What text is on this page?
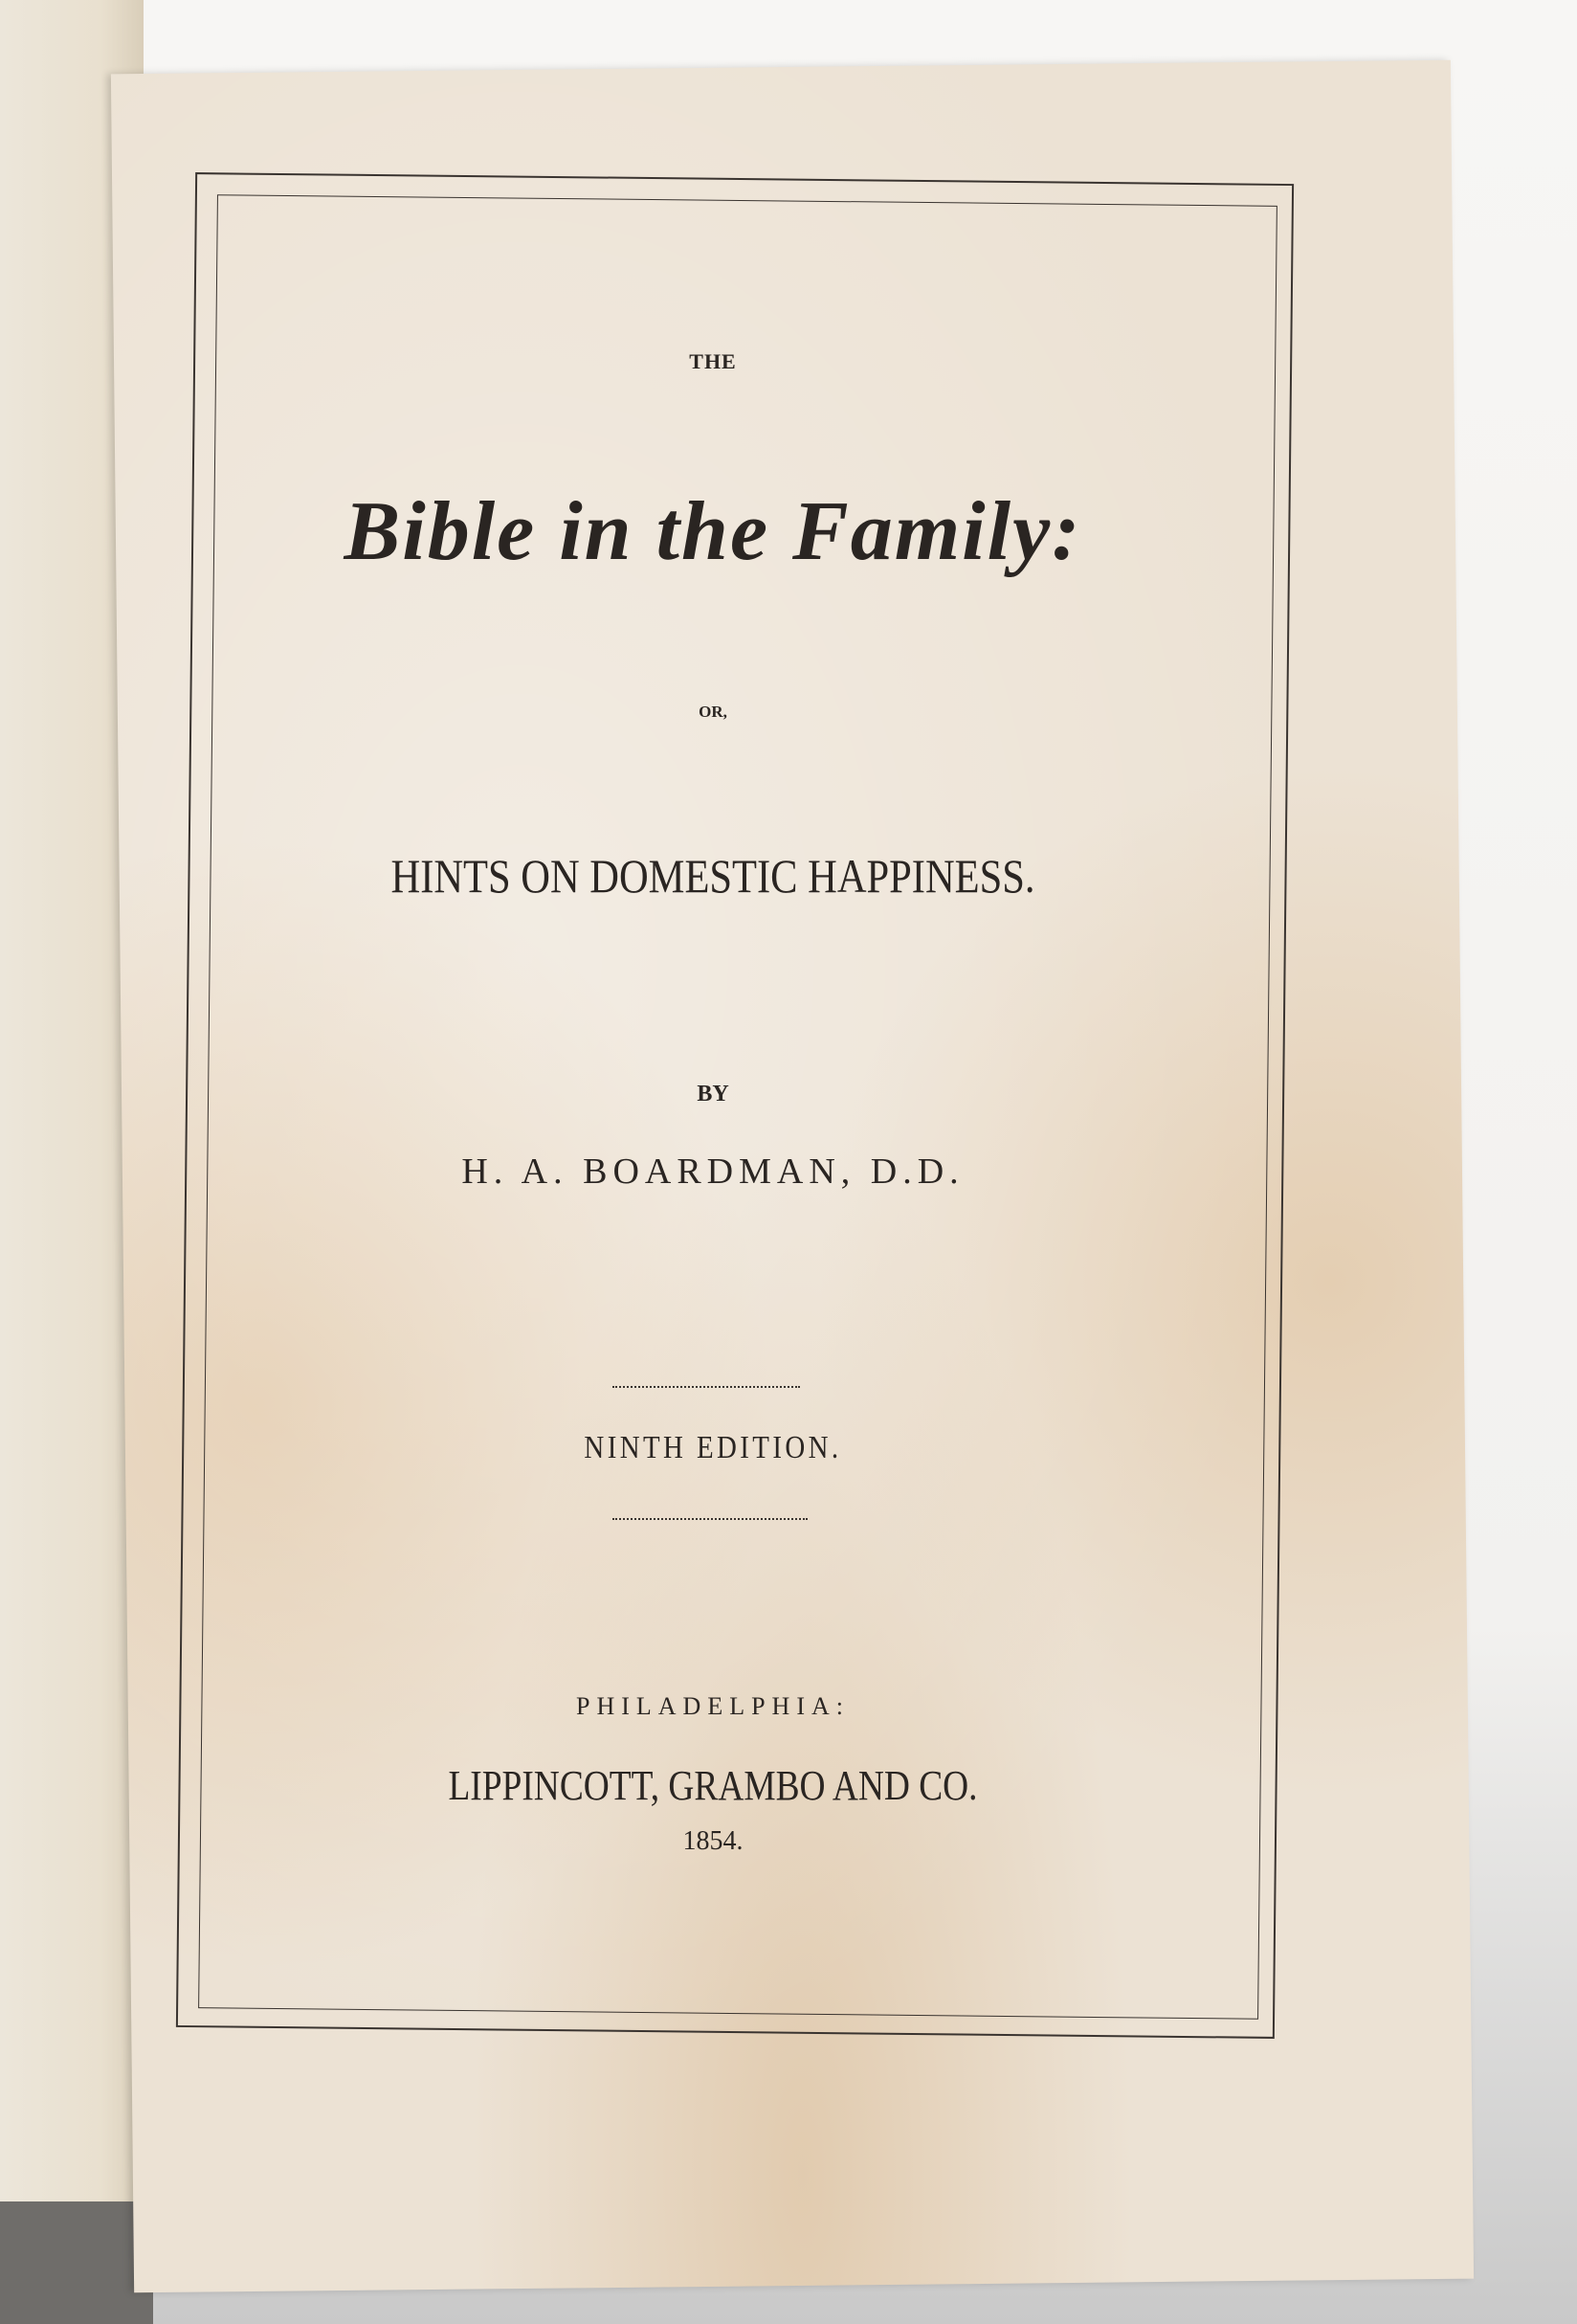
THE
Bible in the Family:
OR,
HINTS ON DOMESTIC HAPPINESS.
BY
H. A. BOARDMAN, D.D.
NINTH EDITION.
PHILADELPHIA:
LIPPINCOTT, GRAMBO AND CO.
1854.
